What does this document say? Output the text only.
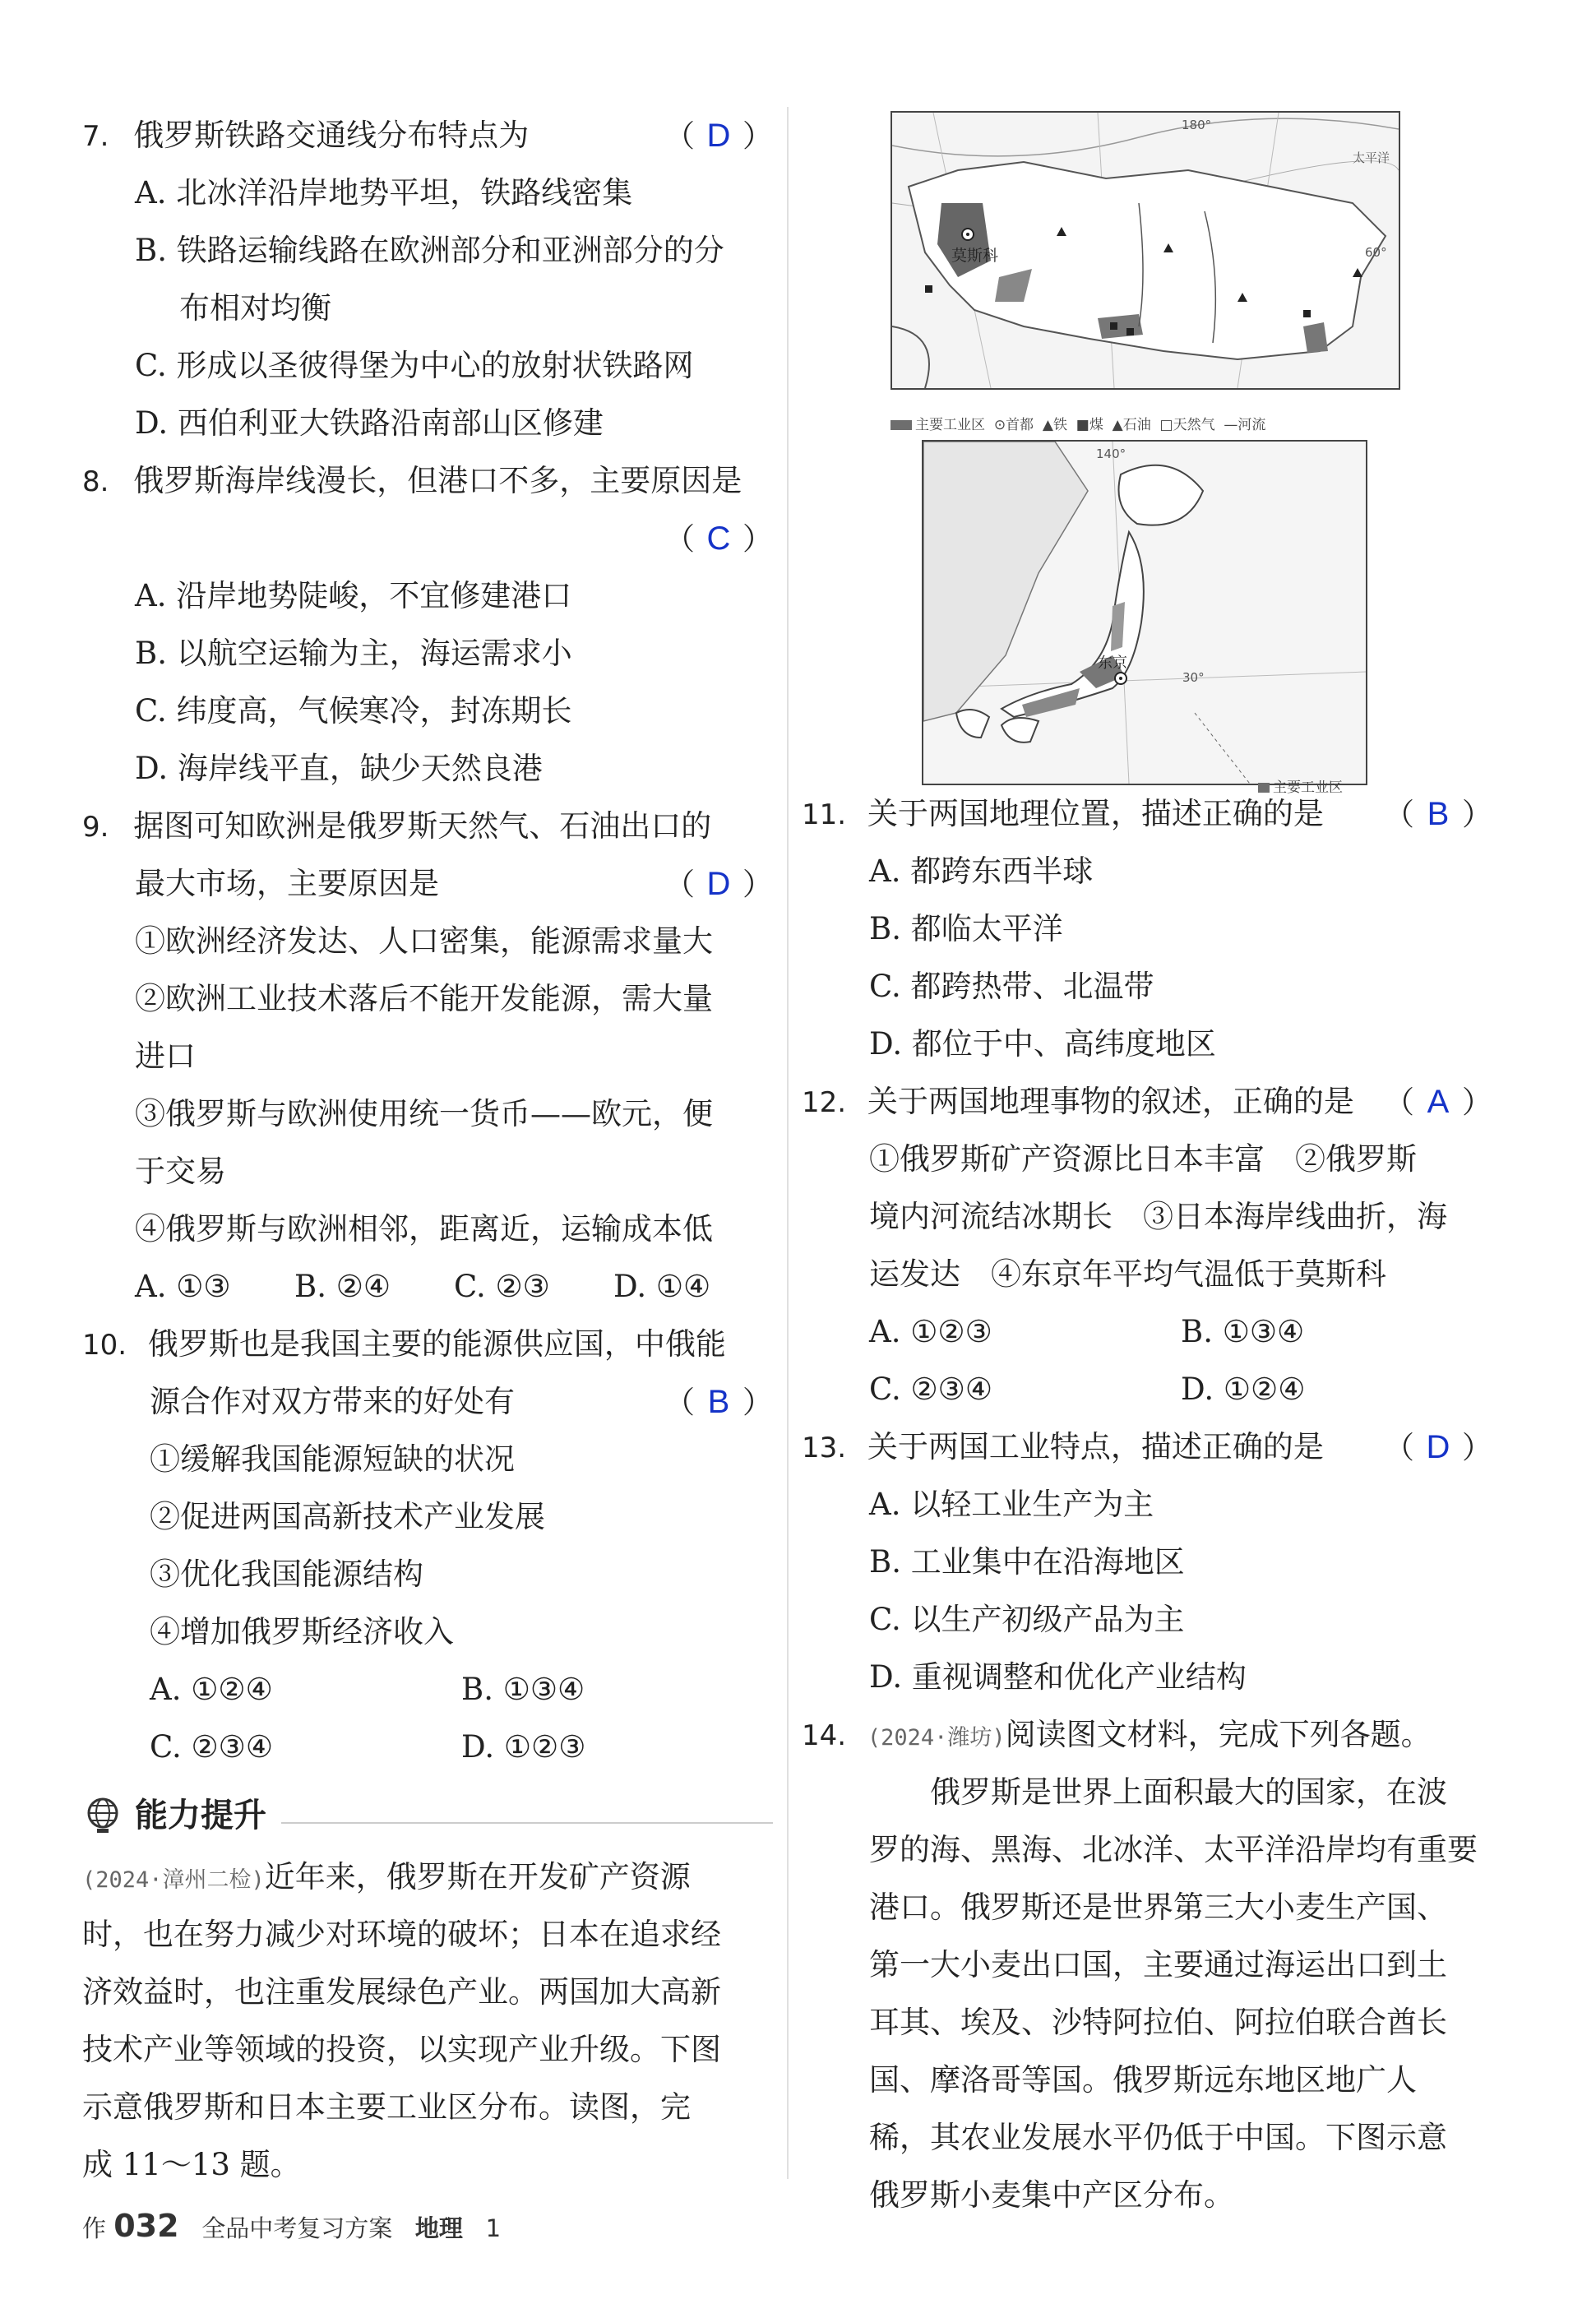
7. 俄罗斯铁路交通线分布特点为	（ D ）
A. 北冰洋沿岸地势平坦，铁路线密集
B. 铁路运输线路在欧洲部分和亚洲部分的分
布相对均衡
C. 形成以圣彼得堡为中心的放射状铁路网
D. 西伯利亚大铁路沿南部山区修建
8. 俄罗斯海岸线漫长，但港口不多，主要原因是
（ C ）
A. 沿岸地势陡峻，不宜修建港口
B. 以航空运输为主，海运需求小
C. 纬度高，气候寒冷，封冻期长
D. 海岸线平直，缺少天然良港
9. 据图可知欧洲是俄罗斯天然气、石油出口的
最大市场，主要原因是	（ D ）
①欧洲经济发达、人口密集，能源需求量大
②欧洲工业技术落后不能开发能源，需大量
进口
③俄罗斯与欧洲使用统一货币——欧元，便
于交易
④俄罗斯与欧洲相邻，距离近，运输成本低
A. ①③	B. ②④	C. ②③	D. ①④
10. 俄罗斯也是我国主要的能源供应国，中俄能
源合作对双方带来的好处有	（ B ）
①缓解我国能源短缺的状况
②促进两国高新技术产业发展
③优化我国能源结构
④增加俄罗斯经济收入
A. ①②④	B. ①③④
C. ②③④	D. ①②③
能力提升
(2024·漳州二检)近年来，俄罗斯在开发矿产资源
时，也在努力减少对环境的破坏；日本在追求经
济效益时，也注重发展绿色产业。两国加大高新
技术产业等领域的投资，以实现产业升级。下图
示意俄罗斯和日本主要工业区分布。读图，完
成 11～13 题。
莫斯科
180°
60°
太平洋
主要工业区 ⊙首都 ▲铁 ■煤 ▲石油 □天然气 —河流
140°
30°
东京
主要工业区
11. 关于两国地理位置，描述正确的是 （ B ）
A. 都跨东西半球
B. 都临太平洋
C. 都跨热带、北温带
D. 都位于中、高纬度地区
12. 关于两国地理事物的叙述，正确的是 （ A ）
①俄罗斯矿产资源比日本丰富　②俄罗斯
境内河流结冰期长　③日本海岸线曲折，海
运发达　④东京年平均气温低于莫斯科
A. ①②③	B. ①③④
C. ②③④	D. ①②④
13. 关于两国工业特点，描述正确的是 （ D ）
A. 以轻工业生产为主
B. 工业集中在沿海地区
C. 以生产初级产品为主
D. 重视调整和优化产业结构
14. (2024·潍坊)阅读图文材料，完成下列各题。
　　俄罗斯是世界上面积最大的国家，在波
罗的海、黑海、北冰洋、太平洋沿岸均有重要
港口。俄罗斯还是世界第三大小麦生产国、
第一大小麦出口国，主要通过海运出口到土
耳其、埃及、沙特阿拉伯、阿拉伯联合酋长
国、摩洛哥等国。俄罗斯远东地区地广人
稀，其农业发展水平仍低于中国。下图示意
俄罗斯小麦集中产区分布。
作 032 全品中考复习方案 地理 1
